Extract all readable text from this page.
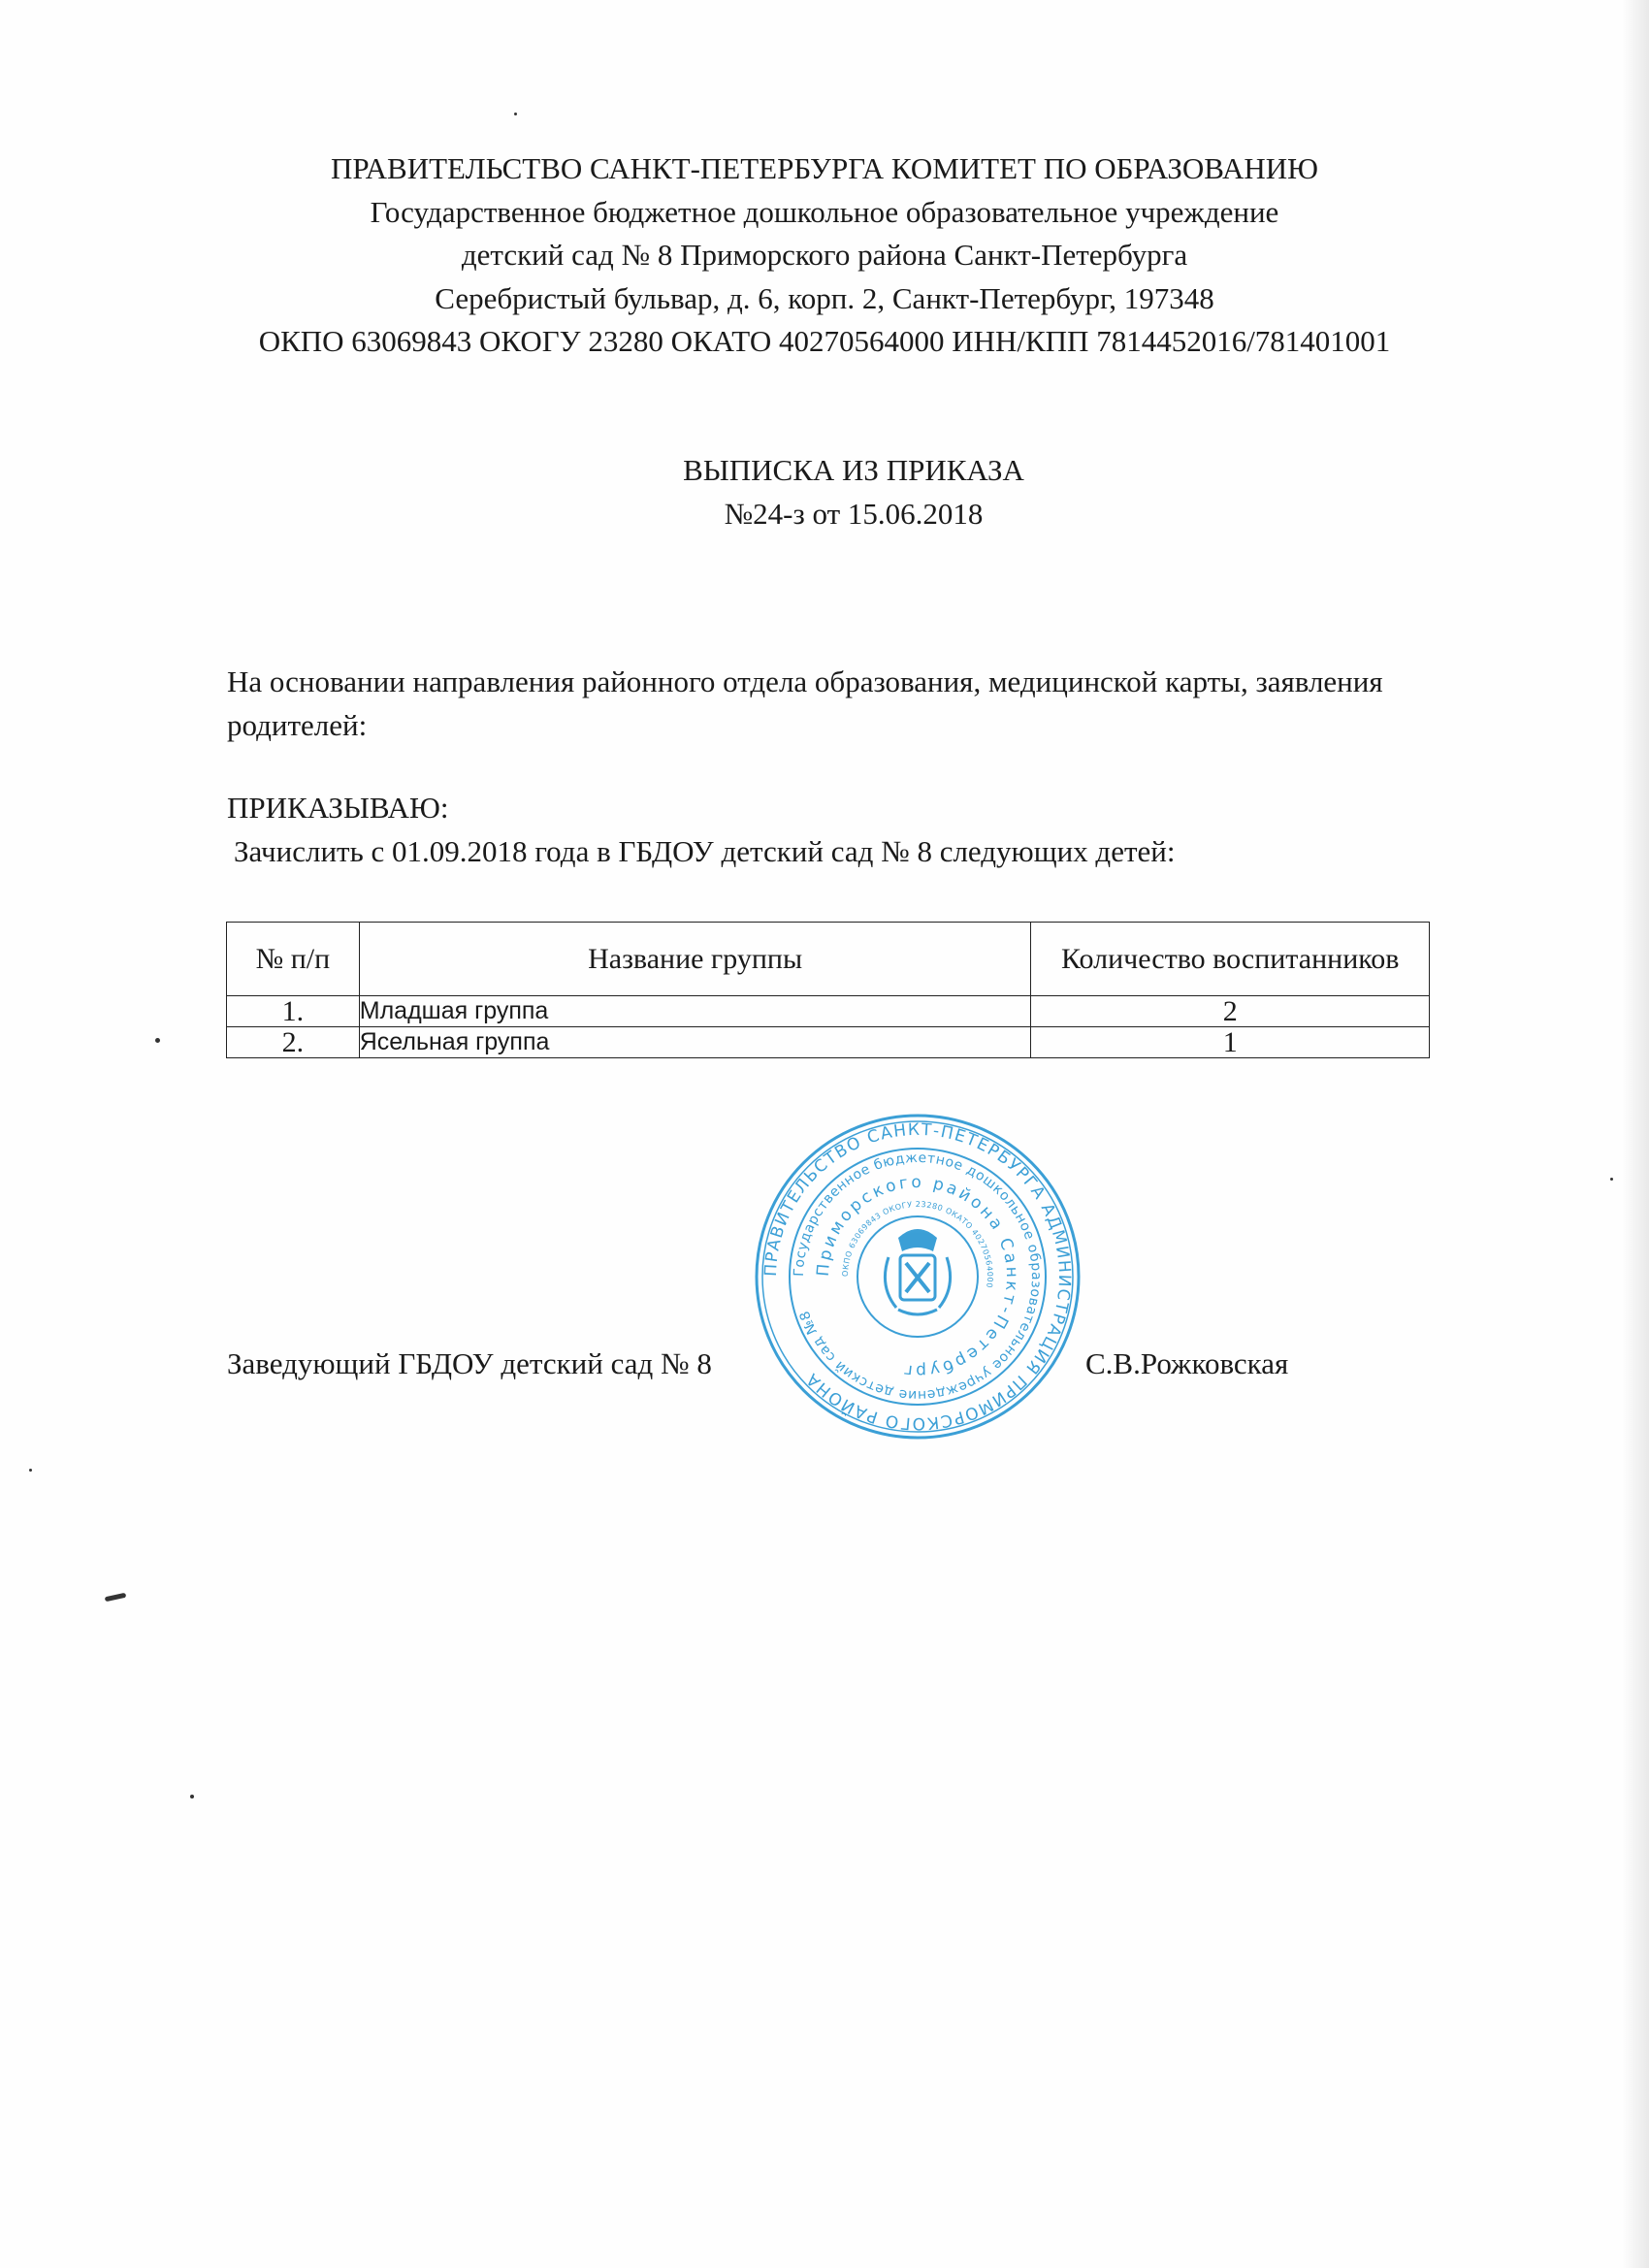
ПРАВИТЕЛЬСТВО САНКТ-ПЕТЕРБУРГА КОМИТЕТ ПО ОБРАЗОВАНИЮ
Государственное бюджетное дошкольное образовательное учреждение
детский сад № 8 Приморского района Санкт-Петербурга
Серебристый бульвар, д. 6, корп. 2, Санкт-Петербург, 197348
ОКПО 63069843 ОКОГУ 23280 ОКАТО 40270564000 ИНН/КПП 7814452016/781401001
ВЫПИСКА ИЗ ПРИКАЗА
№24-з от 15.06.2018
На основании направления районного отдела образования, медицинской карты, заявления родителей:
ПРИКАЗЫВАЮ:
Зачислить с 01.09.2018 года в ГБДОУ детский сад № 8 следующих детей:
№ п/п	Название группы	Количество воспитанников
1.	Младшая группа	2
2.	Ясельная группа	1
ПРАВИТЕЛЬСТВО САНКТ-ПЕТЕРБУРГА АДМИНИСТРАЦИЯ ПРИМОРСКОГО РАЙОНА
Государственное бюджетное дошкольное образовательное учреждение детский сад №8
Приморского района Санкт-Петербург
ОКПО 63069843 ОКОГУ 23280 ОКАТО 40270564000
Заведующий ГБДОУ детский сад № 8	С.В.Рожковская
